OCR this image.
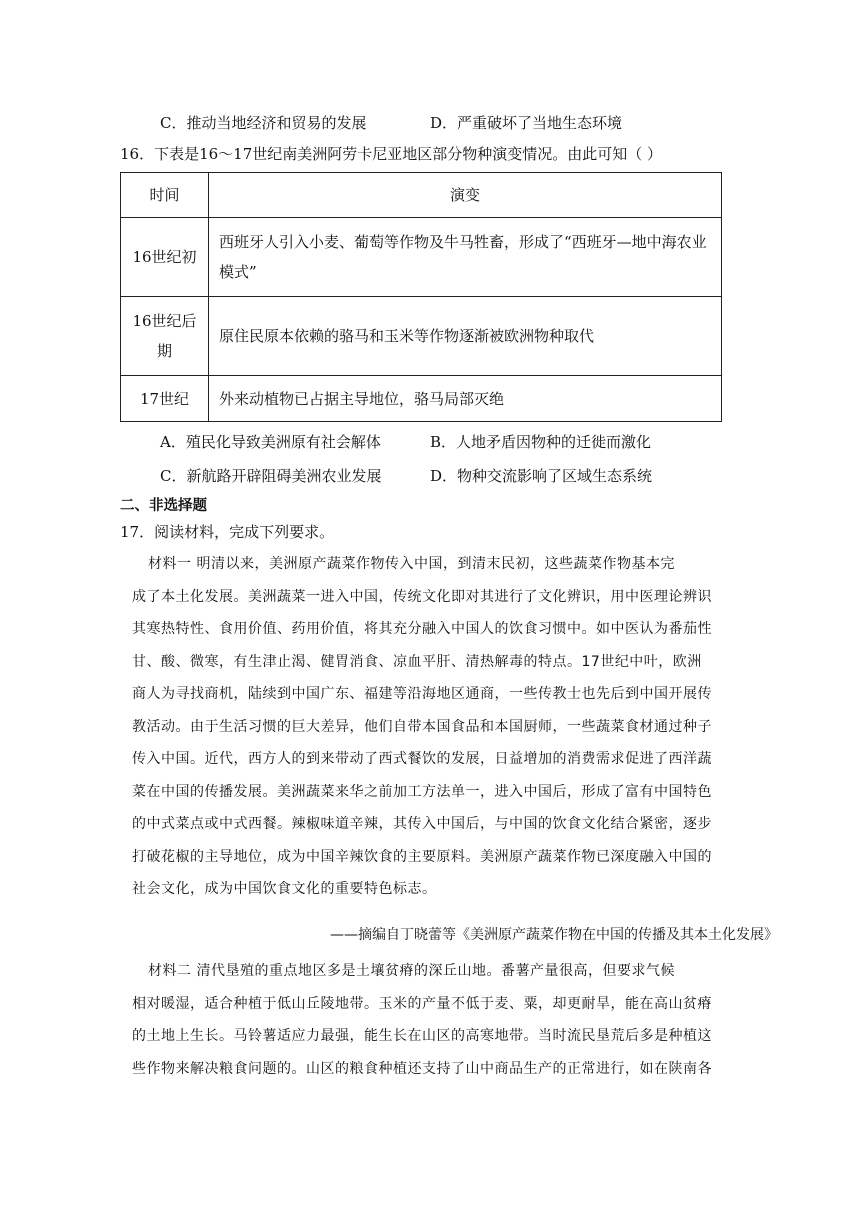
C．推动当地经济和贸易的发展	D．严重破坏了当地生态环境
16．下表是16～17世纪南美洲阿劳卡尼亚地区部分物种演变情况。由此可知（ ）
时间	演变
16世纪初	西班牙人引入小麦、葡萄等作物及牛马牲畜，形成了“西班牙—地中海农业
模式”
16世纪后
期	原住民原本依赖的骆马和玉米等作物逐渐被欧洲物种取代
17世纪	外来动植物已占据主导地位，骆马局部灭绝
A．殖民化导致美洲原有社会解体	B．人地矛盾因物种的迁徙而激化
C．新航路开辟阻碍美洲农业发展	D．物种交流影响了区域生态系统
二、非选择题
17．阅读材料，完成下列要求。
材料一 明清以来，美洲原产蔬菜作物传入中国，到清末民初，这些蔬菜作物基本完
成了本土化发展。美洲蔬菜一进入中国，传统文化即对其进行了文化辨识，用中医理论辨识
其寒热特性、食用价值、药用价值，将其充分融入中国人的饮食习惯中。如中医认为番茄性
甘、酸、微寒，有生津止渴、健胃消食、凉血平肝、清热解毒的特点。17世纪中叶，欧洲
商人为寻找商机，陆续到中国广东、福建等沿海地区通商，一些传教士也先后到中国开展传
教活动。由于生活习惯的巨大差异，他们自带本国食品和本国厨师，一些蔬菜食材通过种子
传入中国。近代，西方人的到来带动了西式餐饮的发展，日益增加的消费需求促进了西洋蔬
菜在中国的传播发展。美洲蔬菜来华之前加工方法单一，进入中国后，形成了富有中国特色
的中式菜点或中式西餐。辣椒味道辛辣，其传入中国后，与中国的饮食文化结合紧密，逐步
打破花椒的主导地位，成为中国辛辣饮食的主要原料。美洲原产蔬菜作物已深度融入中国的
社会文化，成为中国饮食文化的重要特色标志。
——摘编自丁晓蕾等《美洲原产蔬菜作物在中国的传播及其本土化发展》
材料二 清代垦殖的重点地区多是土壤贫瘠的深丘山地。番薯产量很高，但要求气候
相对暖湿，适合种植于低山丘陵地带。玉米的产量不低于麦、粟，却更耐旱，能在高山贫瘠
的土地上生长。马铃薯适应力最强，能生长在山区的高寒地带。当时流民垦荒后多是种植这
些作物来解决粮食问题的。山区的粮食种植还支持了山中商品生产的正常进行，如在陕南各
